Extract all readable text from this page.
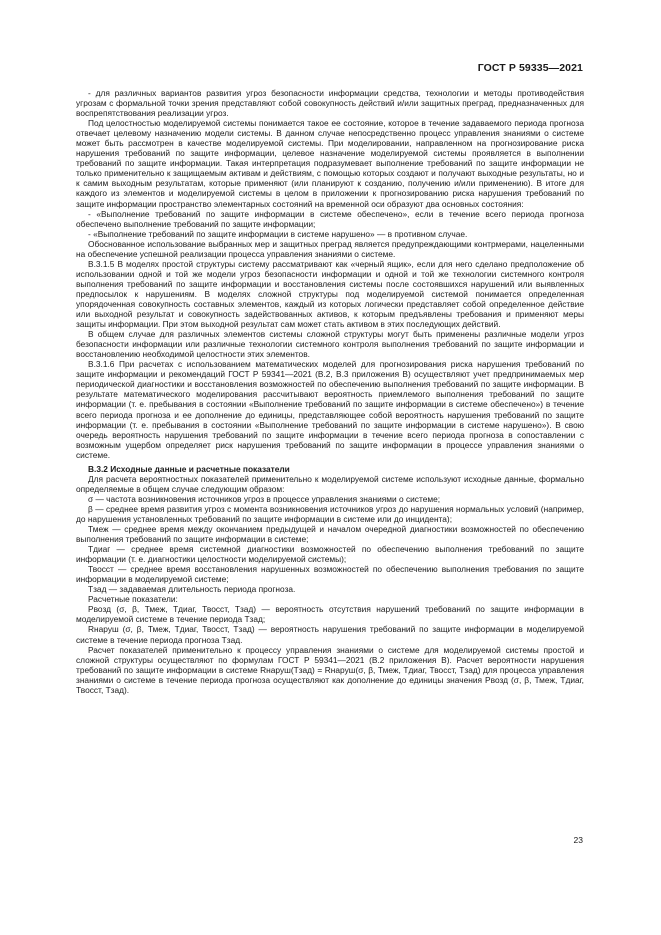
ГОСТ Р 59335—2021

- для различных вариантов развития угроз безопасности информации средства, технологии и методы противодействия угрозам с формальной точки зрения представляют собой совокупность действий и/или защитных преград, предназначенных для воспрепятствования реализации угроз.

Под целостностью моделируемой системы понимается такое ее состояние, которое в течение задаваемого периода прогноза отвечает целевому назначению модели системы. В данном случае непосредственно процесс управления знаниями о системе может быть рассмотрен в качестве моделируемой системы. При моделировании, направленном на прогнозирование риска нарушения требований по защите информации, целевое назначение моделируемой системы проявляется в выполнении требований по защите информации. Такая интерпретация подразумевает выполнение требований по защите информации не только применительно к защищаемым активам и действиям, с помощью которых создают и получают выходные результаты, но и к самим выходным результатам, которые применяют (или планируют к созданию, получению и/или применению). В итоге для каждого из элементов и моделируемой системы в целом в приложении к прогнозированию риска нарушения требований по защите информации пространство элементарных состояний на временной оси образуют два основных состояния:

- «Выполнение требований по защите информации в системе обеспечено», если в течение всего периода прогноза обеспечено выполнение требований по защите информации;

- «Выполнение требований по защите информации в системе нарушено» — в противном случае.

Обоснованное использование выбранных мер и защитных преград является предупреждающими контрмерами, нацеленными на обеспечение успешной реализации процесса управления знаниями о системе.

В.3.1.5 В моделях простой структуры систему рассматривают как «черный ящик», если для него сделано предположение об использовании одной и той же модели угроз безопасности информации и одной и той же технологии системного контроля выполнения требований по защите информации и восстановления системы после состоявшихся нарушений или выявленных предпосылок к нарушениям. В моделях сложной структуры под моделируемой системой понимается определенная упорядоченная совокупность составных элементов, каждый из которых логически представляет собой определенное действие или выходной результат и совокупность задействованных активов, к которым предъявлены требования и применяют меры защиты информации. При этом выходной результат сам может стать активом в этих последующих действий.

В общем случае для различных элементов системы сложной структуры могут быть применены различные модели угроз безопасности информации или различные технологии системного контроля выполнения требований по защите информации и восстановлению необходимой целостности этих элементов.

В.3.1.6 При расчетах с использованием математических моделей для прогнозирования риска нарушения требований по защите информации и рекомендаций ГОСТ Р 59341—2021 (В.2, В.3 приложения В) осуществляют учет предпринимаемых мер периодической диагностики и восстановления возможностей по обеспечению выполнения требований по защите информации. В результате математического моделирования рассчитывают вероятность приемлемого выполнения требований по защите информации (т. е. пребывания в состоянии «Выполнение требований по защите информации в системе обеспечено») в течение всего периода прогноза и ее дополнение до единицы, представляющее собой вероятность нарушения требований по защите информации (т. е. пребывания в состоянии «Выполнение требований по защите информации в системе нарушено»). В свою очередь вероятность нарушения требований по защите информации в течение всего периода прогноза в сопоставлении с возможным ущербом определяет риск нарушения требований по защите информации в процессе управления знаниями о системе.

В.3.2 Исходные данные и расчетные показатели

Для расчета вероятностных показателей применительно к моделируемой системе используют исходные данные, формально определяемые в общем случае следующим образом:

σ — частота возникновения источников угроз в процессе управления знаниями о системе;

β — среднее время развития угроз с момента возникновения источников угроз до нарушения нормальных условий (например, до нарушения установленных требований по защите информации в системе или до инцидента);

Тмеж — среднее время между окончанием предыдущей и началом очередной диагностики возможностей по обеспечению выполнения требований по защите информации в системе;

Тдиаг — среднее время системной диагностики возможностей по обеспечению выполнения требований по защите информации (т. е. диагностики целостности моделируемой системы);

Твосст — среднее время восстановления нарушенных возможностей по обеспечению выполнения требования по защите информации в моделируемой системе;

Тзад — задаваемая длительность периода прогноза.

Расчетные показатели:

Рвозд (σ, β, Тмеж, Тдиаг, Твосст, Тзад) — вероятность отсутствия нарушений требований по защите информации в моделируемой системе в течение периода Тзад;

Rнаруш (σ, β, Тмеж, Тдиаг, Твосст, Тзад) — вероятность нарушения требований по защите информации в моделируемой системе в течение периода прогноза Тзад.

Расчет показателей применительно к процессу управления знаниями о системе для моделируемой системы простой и сложной структуры осуществляют по формулам ГОСТ Р 59341—2021 (В.2 приложения В). Расчет вероятности нарушения требований по защите информации в системе Rнаруш(Тзад) = Rнаруш(σ, β, Тмеж, Тдиаг, Твосст, Тзад) для процесса управления знаниями о системе в течение периода прогноза осуществляют как дополнение до единицы значения Рвозд (σ, β, Тмеж, Тдиаг, Твосст, Тзад).

23
